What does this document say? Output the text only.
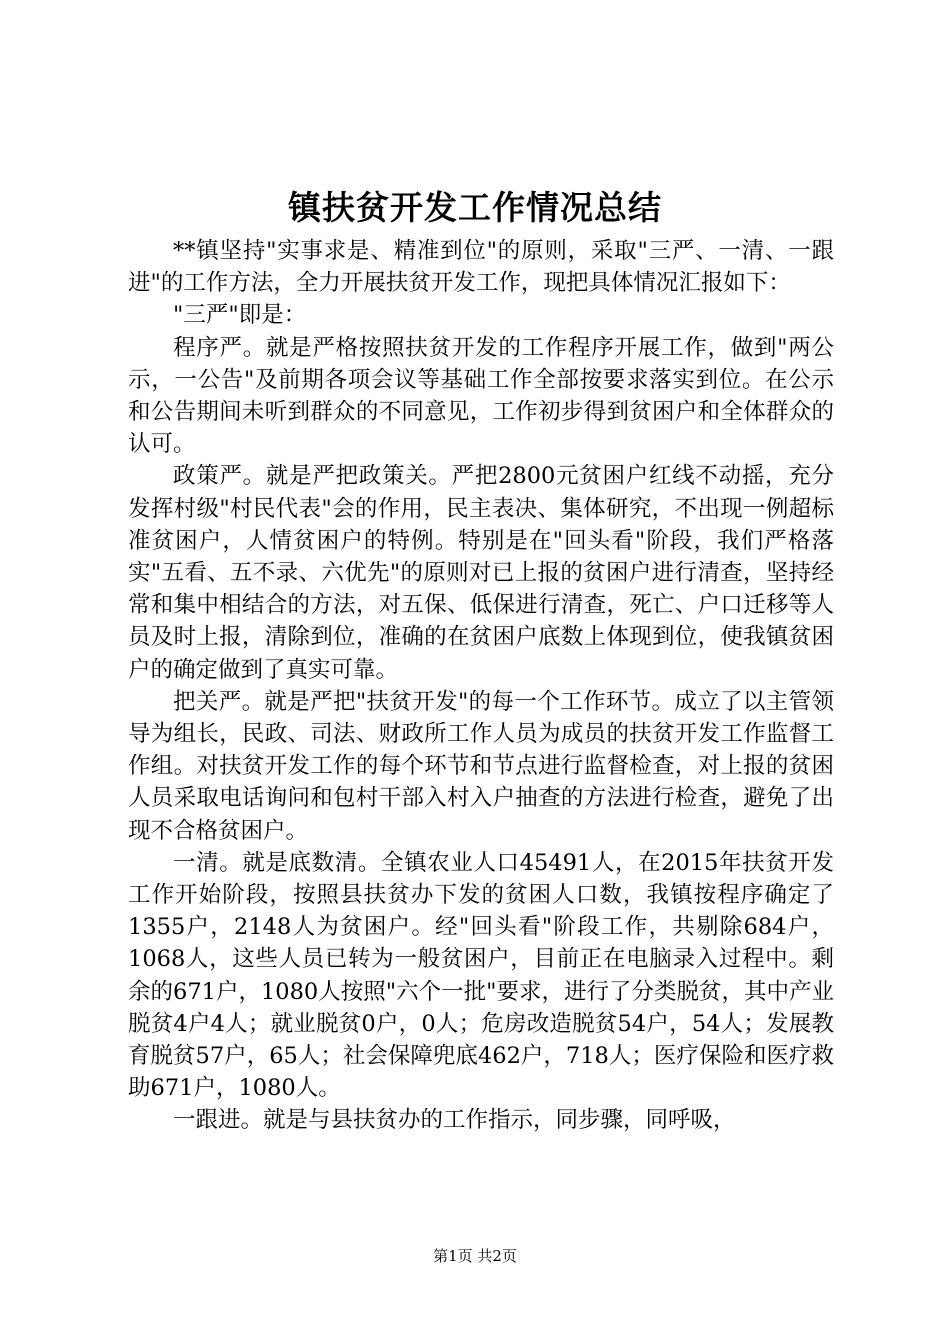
镇扶贫开发工作情况总结

**镇坚持"实事求是、精准到位"的原则，采取"三严、一清、一跟进"的工作方法，全力开展扶贫开发工作，现把具体情况汇报如下：

"三严"即是：

程序严。就是严格按照扶贫开发的工作程序开展工作，做到"两公示，一公告"及前期各项会议等基础工作全部按要求落实到位。在公示和公告期间未听到群众的不同意见，工作初步得到贫困户和全体群众的认可。

政策严。就是严把政策关。严把2800元贫困户红线不动摇，充分发挥村级"村民代表"会的作用，民主表决、集体研究，不出现一例超标准贫困户，人情贫困户的特例。特别是在"回头看"阶段，我们严格落实"五看、五不录、六优先"的原则对已上报的贫困户进行清查，坚持经常和集中相结合的方法，对五保、低保进行清查，死亡、户口迁移等人员及时上报，清除到位，准确的在贫困户底数上体现到位，使我镇贫困户的确定做到了真实可靠。

把关严。就是严把"扶贫开发"的每一个工作环节。成立了以主管领导为组长，民政、司法、财政所工作人员为成员的扶贫开发工作监督工作组。对扶贫开发工作的每个环节和节点进行监督检查，对上报的贫困人员采取电话询问和包村干部入村入户抽查的方法进行检查，避免了出现不合格贫困户。

一清。就是底数清。全镇农业人口45491人，在2015年扶贫开发工作开始阶段，按照县扶贫办下发的贫困人口数，我镇按程序确定了1355户，2148人为贫困户。经"回头看"阶段工作，共剔除684户，1068人，这些人员已转为一般贫困户，目前正在电脑录入过程中。剩余的671户，1080人按照"六个一批"要求，进行了分类脱贫，其中产业脱贫4户4人；就业脱贫0户，0人；危房改造脱贫54户，54人；发展教育脱贫57户，65人；社会保障兜底462户，718人；医疗保险和医疗救助671户，1080人。

一跟进。就是与县扶贫办的工作指示，同步骤，同呼吸，

第1页 共2页
